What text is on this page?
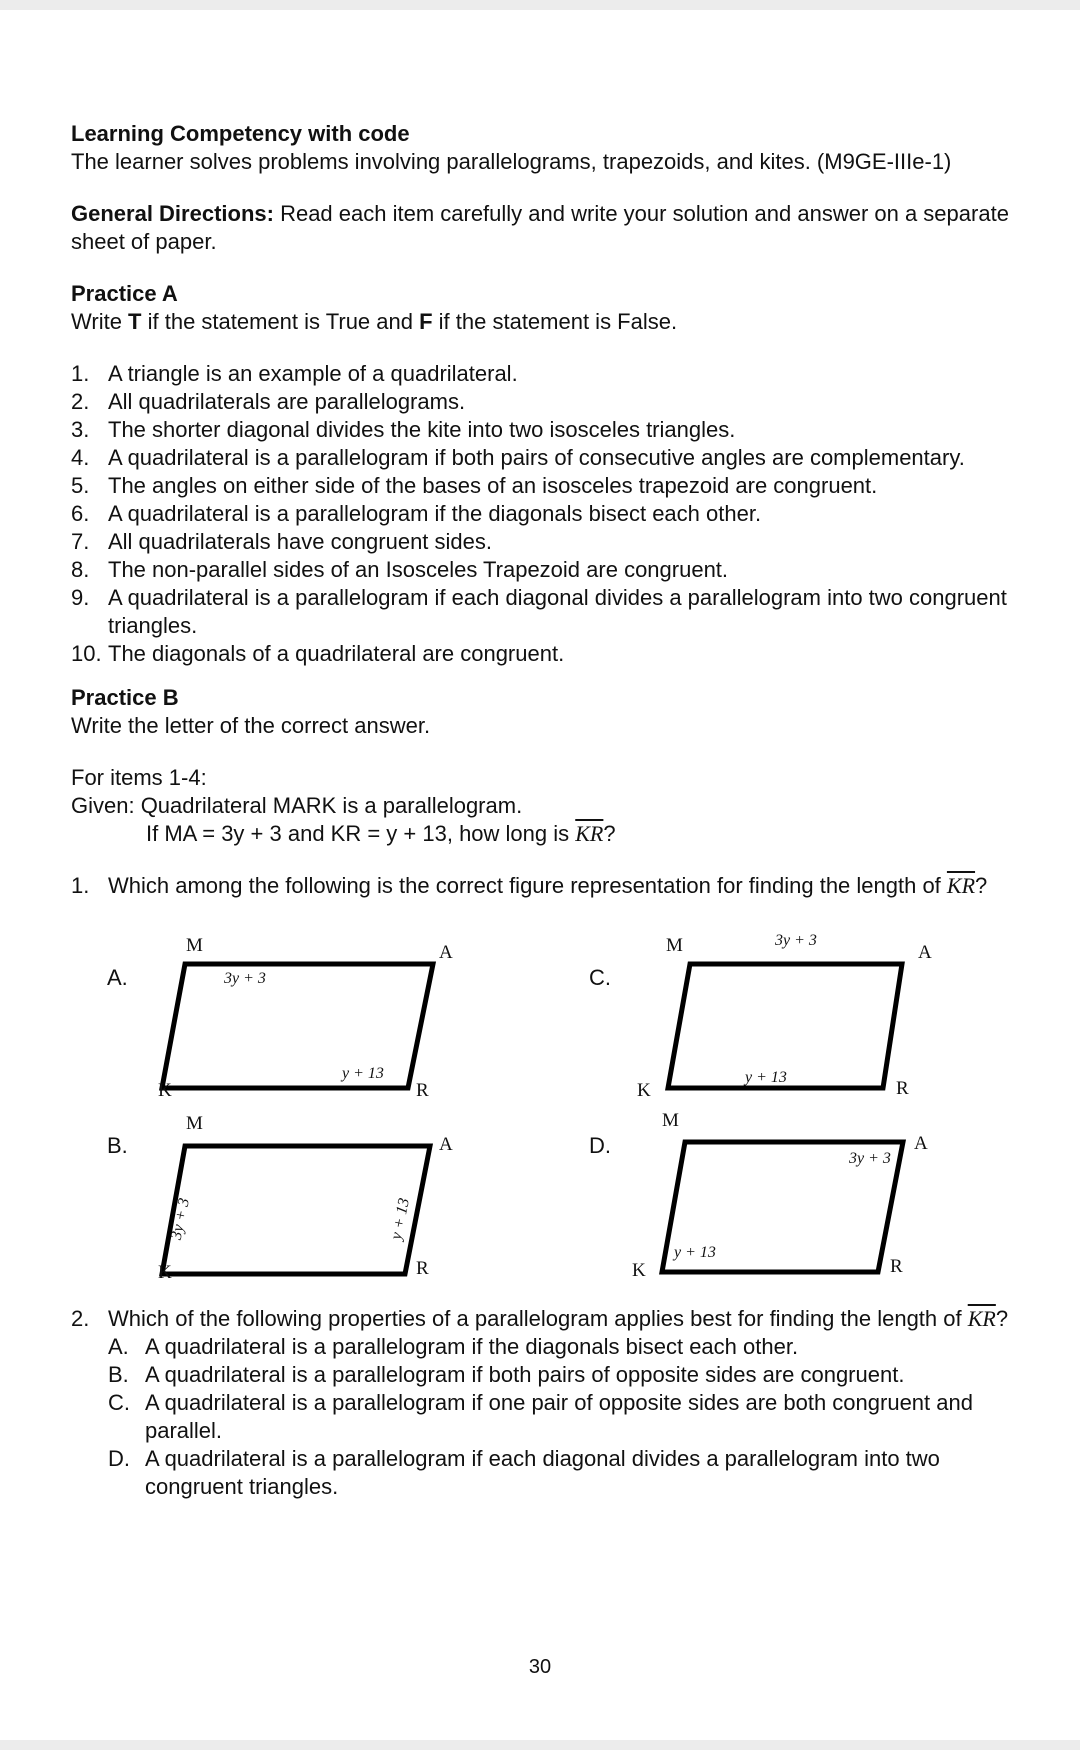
Learning Competency with code

The learner solves problems involving parallelograms, trapezoids, and kites. (M9GE-IIIe-1)

General Directions: Read each item carefully and write your solution and answer on a separate sheet of paper.

Practice A

Write T if the statement is True and F if the statement is False.

1. A triangle is an example of a quadrilateral.
2. All quadrilaterals are parallelograms.
3. The shorter diagonal divides the kite into two isosceles triangles.
4. A quadrilateral is a parallelogram if both pairs of consecutive angles are complementary.
5. The angles on either side of the bases of an isosceles trapezoid are congruent.
6. A quadrilateral is a parallelogram if the diagonals bisect each other.
7. All quadrilaterals have congruent sides.
8. The non-parallel sides of an Isosceles Trapezoid are congruent.
9. A quadrilateral is a parallelogram if each diagonal divides a parallelogram into two congruent triangles.
10. The diagonals of a quadrilateral are congruent.

Practice B

Write the letter of the correct answer.

For items 1-4:

Given: Quadrilateral MARK is a parallelogram.

If MA = 3y + 3 and KR = y + 13, how long is $\overline{KR}$?

1. Which among the following is the correct figure representation for finding the length of $\overline{KR}$?
A.
M	A
R
K
3y + 3
y + 13
C.
M	A
R
K
3y + 3
y + 13
B.
M
A
R
K
3y + 3	y + 13
D.
M
A
R
K
3y + 3
y + 13
2. Which of the following properties of a parallelogram applies best for finding the length of $\overline{KR}$?
A. A quadrilateral is a parallelogram if the diagonals bisect each other.
B. A quadrilateral is a parallelogram if both pairs of opposite sides are congruent.
C. A quadrilateral is a parallelogram if one pair of opposite sides are both congruent and parallel.
D. A quadrilateral is a parallelogram if each diagonal divides a parallelogram into two congruent triangles.
30
